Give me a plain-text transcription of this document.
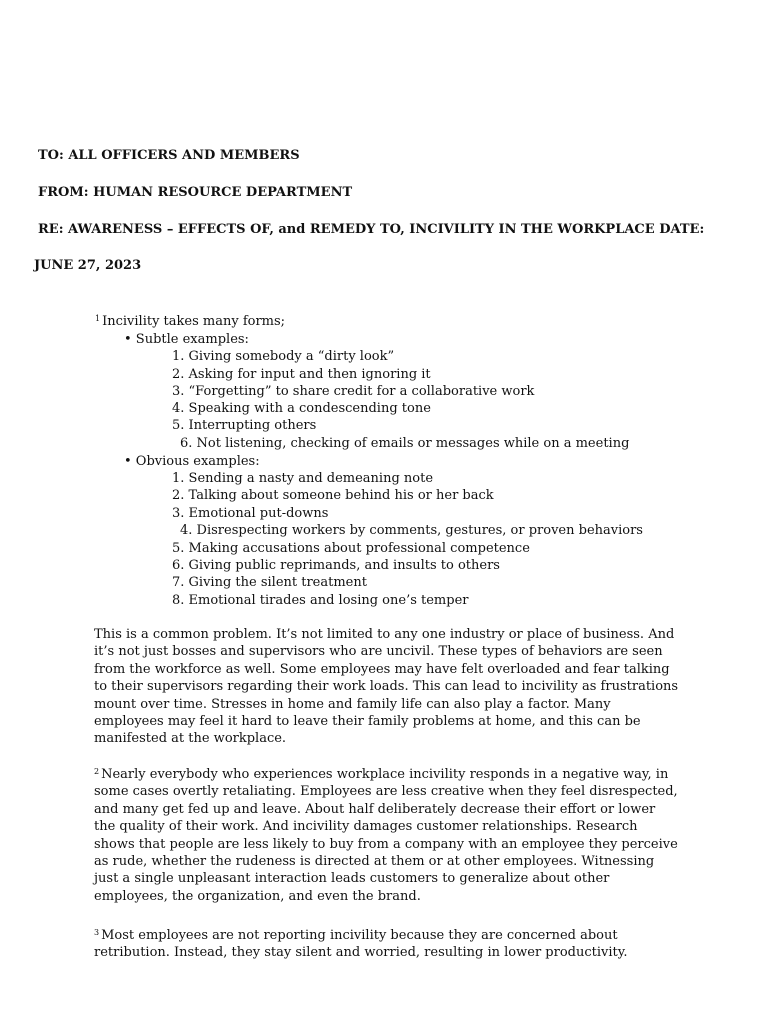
TO: ALL OFFICERS AND MEMBERS
FROM: HUMAN RESOURCE DEPARTMENT
RE: AWARENESS – EFFECTS OF, and REMEDY TO, INCIVILITY IN THE WORKPLACE DATE:
JUNE 27, 2023
$^1$ Incivility takes many forms;
• Subtle examples:
1. Giving somebody a “dirty look”
2. Asking for input and then ignoring it
3. “Forgetting” to share credit for a collaborative work
4. Speaking with a condescending tone
5. Interrupting others
6. Not listening, checking of emails or messages while on a meeting
• Obvious examples:
1. Sending a nasty and demeaning note
2. Talking about someone behind his or her back
3. Emotional put-downs
4. Disrespecting workers by comments, gestures, or proven behaviors
5. Making accusations about professional competence
6. Giving public reprimands, and insults to others
7. Giving the silent treatment
8. Emotional tirades and losing one’s temper

This is a common problem. It’s not limited to any one industry or place of business. And it’s not just bosses and supervisors who are uncivil. These types of behaviors are seen from the workforce as well. Some employees may have felt overloaded and fear talking to their supervisors regarding their work loads. This can lead to incivility as frustrations mount over time. Stresses in home and family life can also play a factor. Many employees may feel it hard to leave their family problems at home, and this can be manifested at the workplace.

$^2$ Nearly everybody who experiences workplace incivility responds in a negative way, in some cases overtly retaliating. Employees are less creative when they feel disrespected, and many get fed up and leave. About half deliberately decrease their effort or lower the quality of their work. And incivility damages customer relationships. Research shows that people are less likely to buy from a company with an employee they perceive as rude, whether the rudeness is directed at them or at other employees. Witnessing just a single unpleasant interaction leads customers to generalize about other employees, the organization, and even the brand.

$^3$ Most employees are not reporting incivility because they are concerned about retribution. Instead, they stay silent and worried, resulting in lower productivity.
